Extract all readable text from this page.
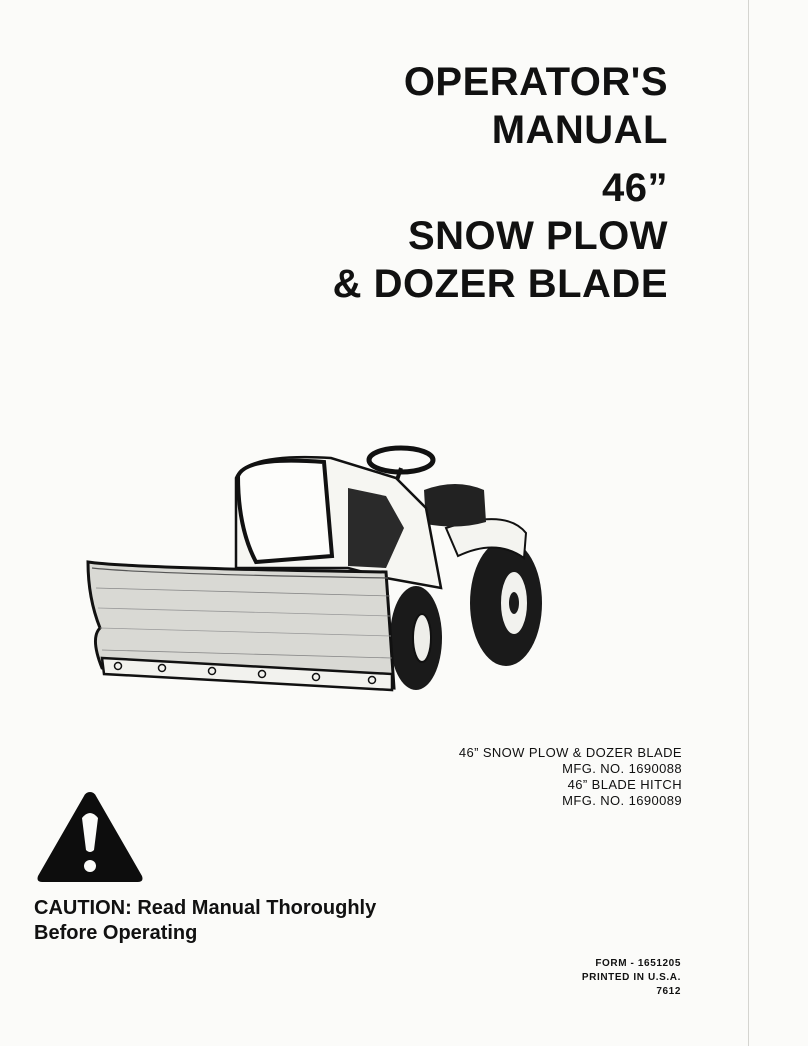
OPERATOR'S
MANUAL
46”
SNOW PLOW
& DOZER BLADE
46” SNOW PLOW & DOZER BLADE
MFG. NO. 1690088
46” BLADE HITCH
MFG. NO. 1690089
CAUTION: Read Manual Thoroughly
Before Operating
FORM - 1651205
PRINTED IN U.S.A.
7612
